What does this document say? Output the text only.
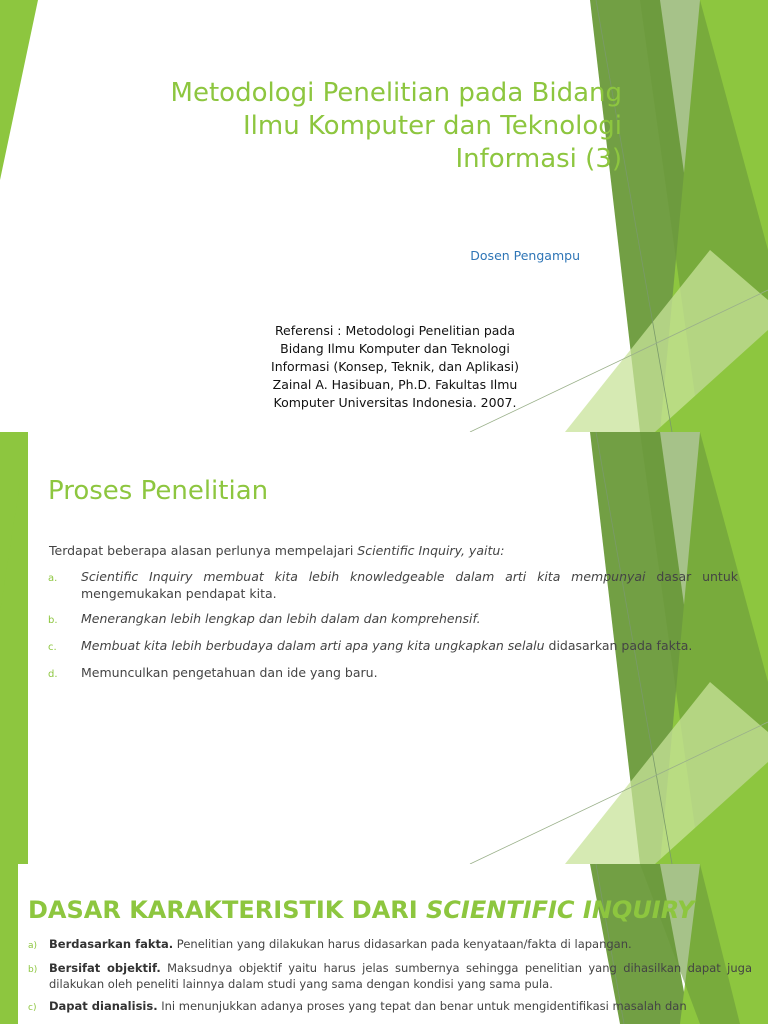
Metodologi Penelitian pada Bidang
Ilmu Komputer dan Teknologi
Informasi (3)
Dosen Pengampu
Referensi : Metodologi Penelitian pada
Bidang Ilmu Komputer dan Teknologi
Informasi (Konsep, Teknik, dan Aplikasi)
Zainal A. Hasibuan, Ph.D. Fakultas Ilmu
Komputer Universitas Indonesia. 2007.
Proses Penelitian
Terdapat beberapa alasan perlunya mempelajari Scientific Inquiry, yaitu:
a.	Scientific Inquiry membuat kita lebih knowledgeable dalam arti kita mempunyai dasar untuk mengemukakan pendapat kita.
b.	Menerangkan lebih lengkap dan lebih dalam dan komprehensif.
c.	Membuat kita lebih berbudaya dalam arti apa yang kita ungkapkan selalu didasarkan pada fakta.
d.	Memunculkan pengetahuan dan ide yang baru.
DASAR KARAKTERISTIK DARI SCIENTIFIC INQUIRY
a)	Berdasarkan fakta. Penelitian yang dilakukan harus didasarkan pada kenyataan/fakta di lapangan.
b)	Bersifat objektif. Maksudnya objektif yaitu harus jelas sumbernya sehingga penelitian yang dihasilkan dapat juga dilakukan oleh peneliti lainnya dalam studi yang sama dengan kondisi yang sama pula.
c)	Dapat dianalisis. Ini menunjukkan adanya proses yang tepat dan benar untuk mengidentifikasi masalah dan
